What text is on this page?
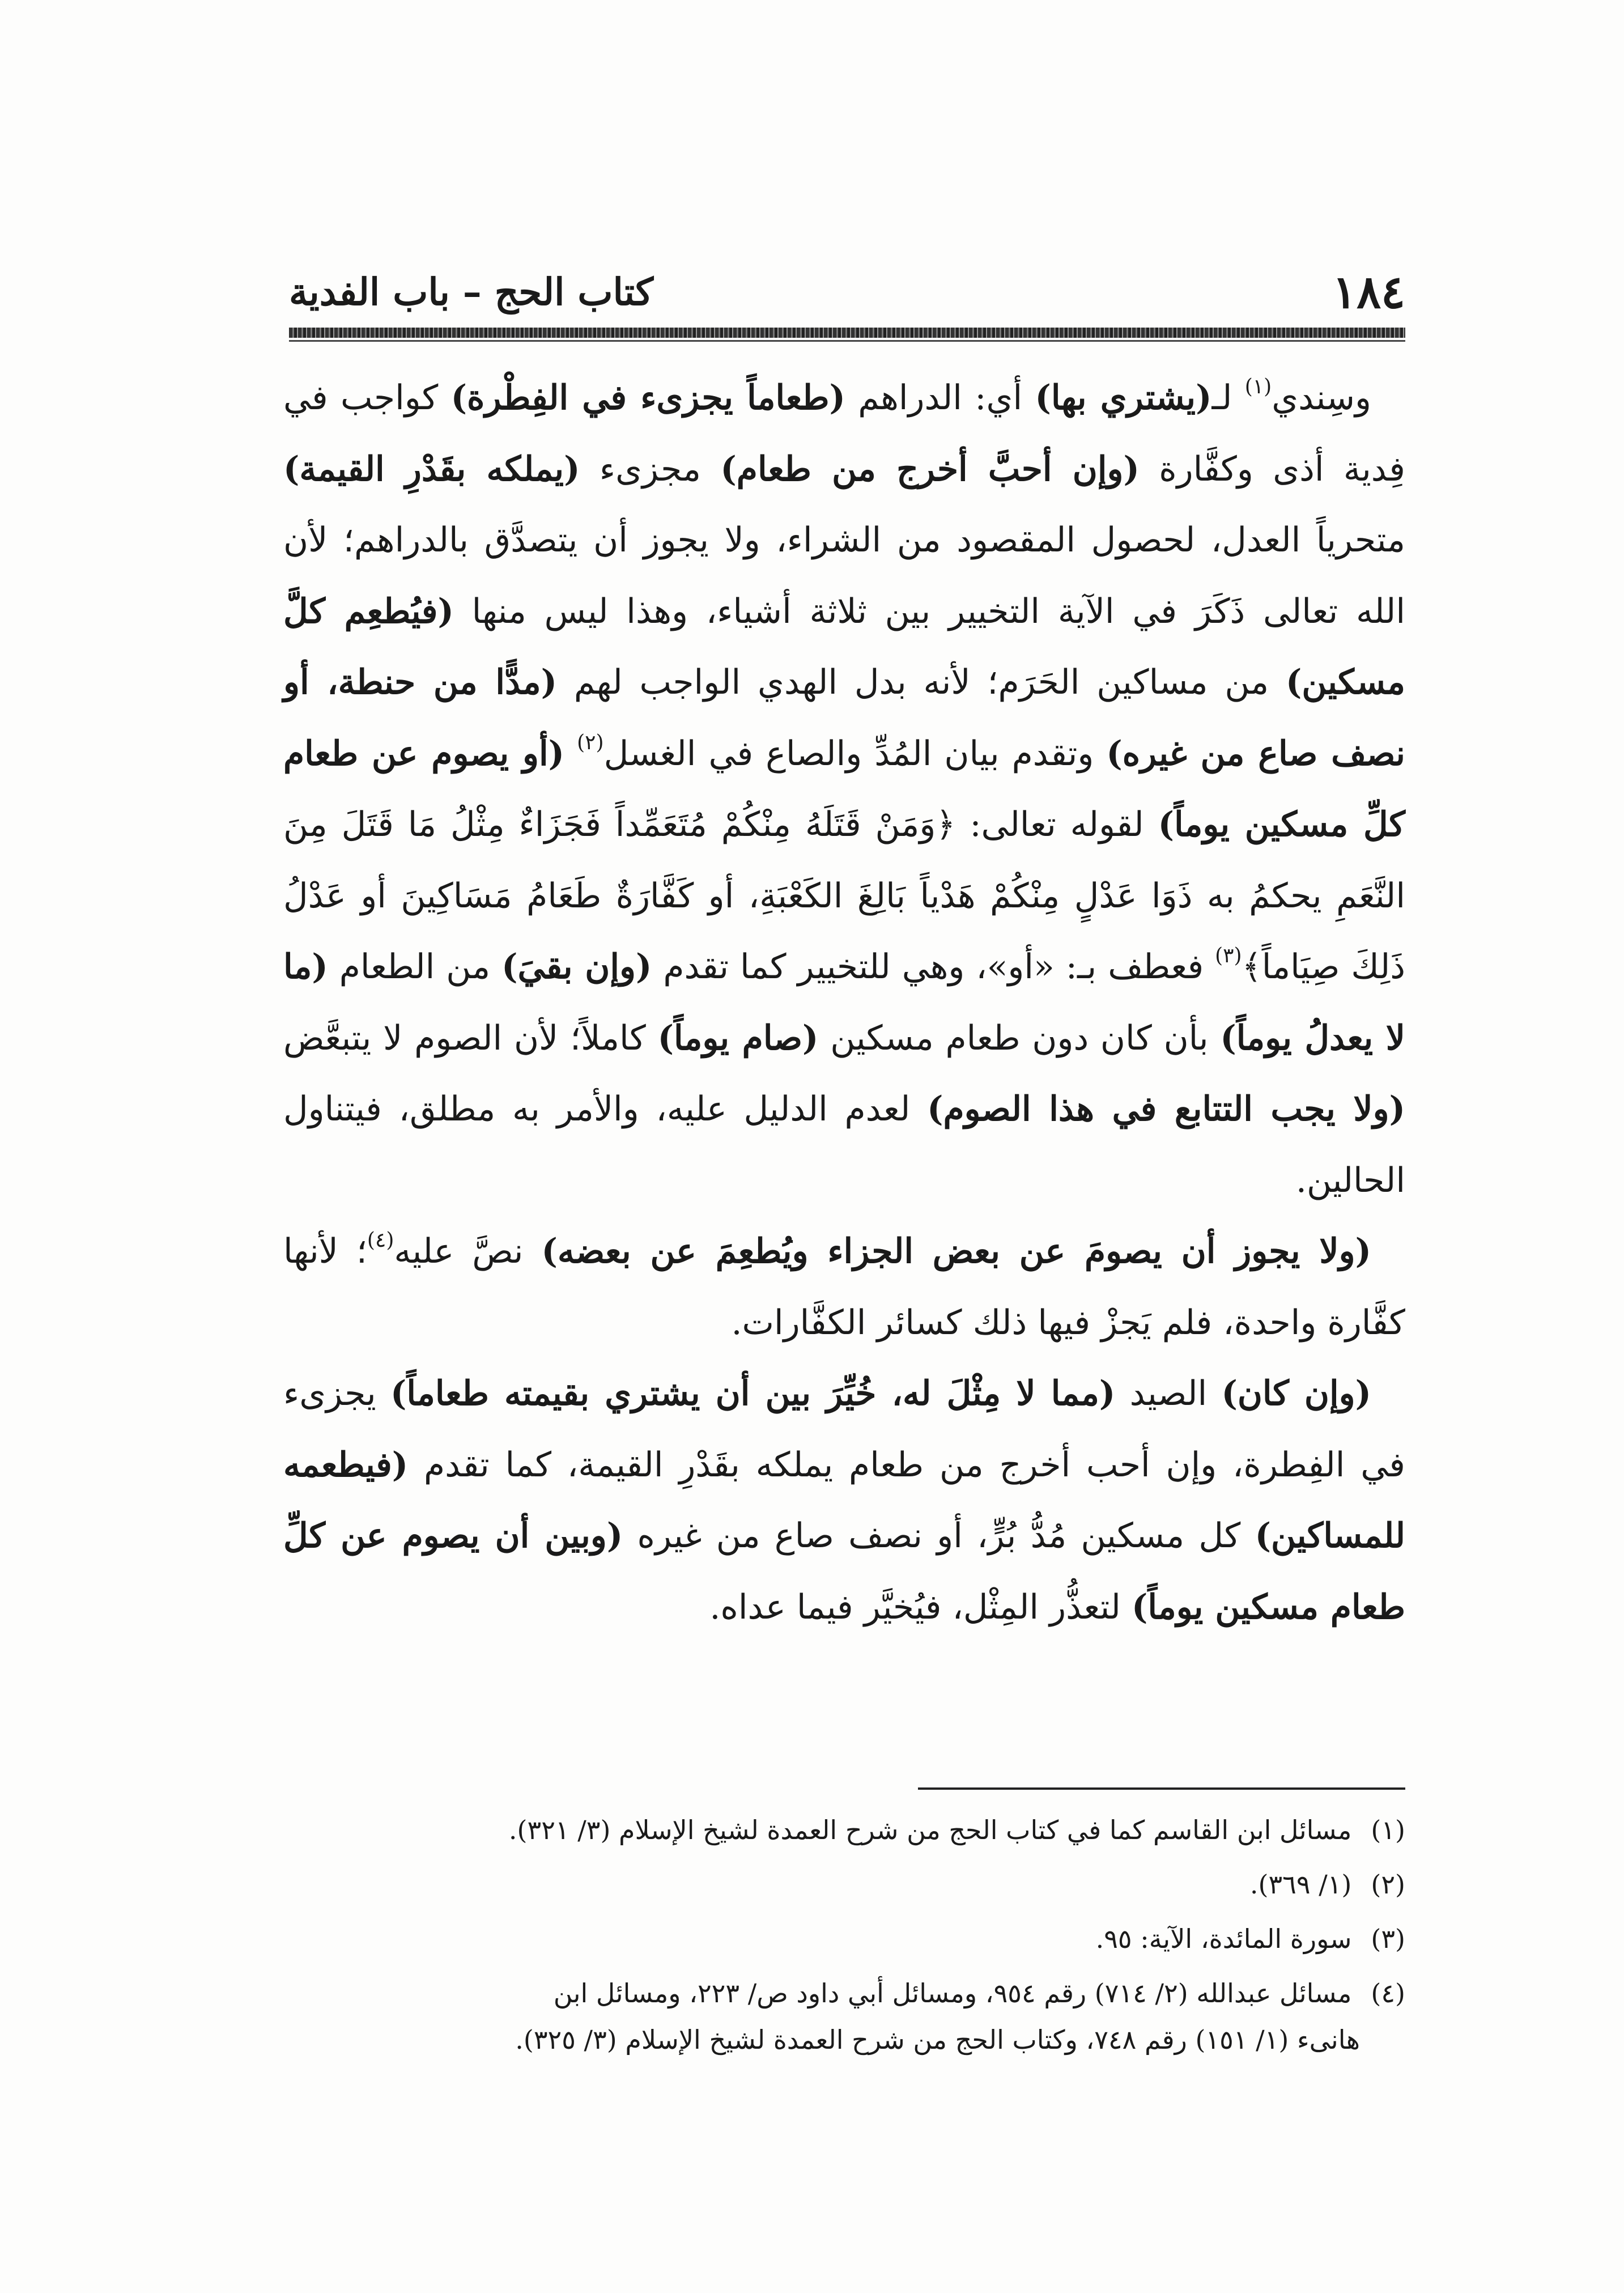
١٨٤
كتاب الحج – باب الفدية

وسِندي$^{(١)}$ لـ(يشتري بها) أي: الدراهم (طعاماً يجزىء في الفِطْرة) كواجب في فِدية أذى وكفَّارة (وإن أحبَّ أخرج من طعام) مجزىء (يملكه بقَدْرِ القيمة) متحرياً العدل، لحصول المقصود من الشراء، ولا يجوز أن يتصدَّق بالدراهم؛ لأن الله تعالى ذَكَرَ في الآية التخيير بين ثلاثة أشياء، وهذا ليس منها (فيُطعِم كلَّ مسكين) من مساكين الحَرَم؛ لأنه بدل الهدي الواجب لهم (مدًّا من حنطة، أو نصف صاع من غيره) وتقدم بيان المُدِّ والصاع في الغسل$^{(٢)}$ (أو يصوم عن طعام كلِّ مسكين يوماً) لقوله تعالى: ﴿وَمَنْ قَتَلَهُ مِنْكُمْ مُتَعَمِّداً فَجَزَاءٌ مِثْلُ مَا قَتَلَ مِنَ النَّعَمِ يحكمُ به ذَوَا عَدْلٍ مِنْكُمْ هَدْياً بَالِغَ الكَعْبَةِ، أو كَفَّارَةٌ طَعَامُ مَسَاكِينَ أو عَدْلُ ذَلِكَ صِيَاماً﴾$^{(٣)}$ فعطف بـ: «أو»، وهي للتخيير كما تقدم (وإن بقيَ) من الطعام (ما لا يعدلُ يوماً) بأن كان دون طعام مسكين (صام يوماً) كاملاً؛ لأن الصوم لا يتبعَّض (ولا يجب التتابع في هذا الصوم) لعدم الدليل عليه، والأمر به مطلق، فيتناول الحالين.

(ولا يجوز أن يصومَ عن بعض الجزاء ويُطعِمَ عن بعضه) نصَّ عليه$^{(٤)}$؛ لأنها كفَّارة واحدة، فلم يَجزْ فيها ذلك كسائر الكفَّارات.

(وإن كان) الصيد (مما لا مِثْلَ له، خُيِّرَ بين أن يشتري بقيمته طعاماً) يجزىء في الفِطرة، وإن أحب أخرج من طعام يملكه بقَدْرِ القيمة، كما تقدم (فيطعمه للمساكين) كل مسكين مُدُّ بُرٍّ، أو نصف صاع من غيره (وبين أن يصوم عن كلِّ طعام مسكين يوماً) لتعذُّر المِثْل، فيُخيَّر فيما عداه.

(١) مسائل ابن القاسم كما في كتاب الحج من شرح العمدة لشيخ الإسلام (٣/ ٣٢١).
(٢) (١/ ٣٦٩).
(٣) سورة المائدة، الآية: ٩٥.
(٤) مسائل عبدالله (٢/ ٧١٤) رقم ٩٥٤، ومسائل أبي داود ص/ ٢٢٣، ومسائل ابن
هانىء (١/ ١٥١) رقم ٧٤٨، وكتاب الحج من شرح العمدة لشيخ الإسلام (٣/ ٣٢٥).
